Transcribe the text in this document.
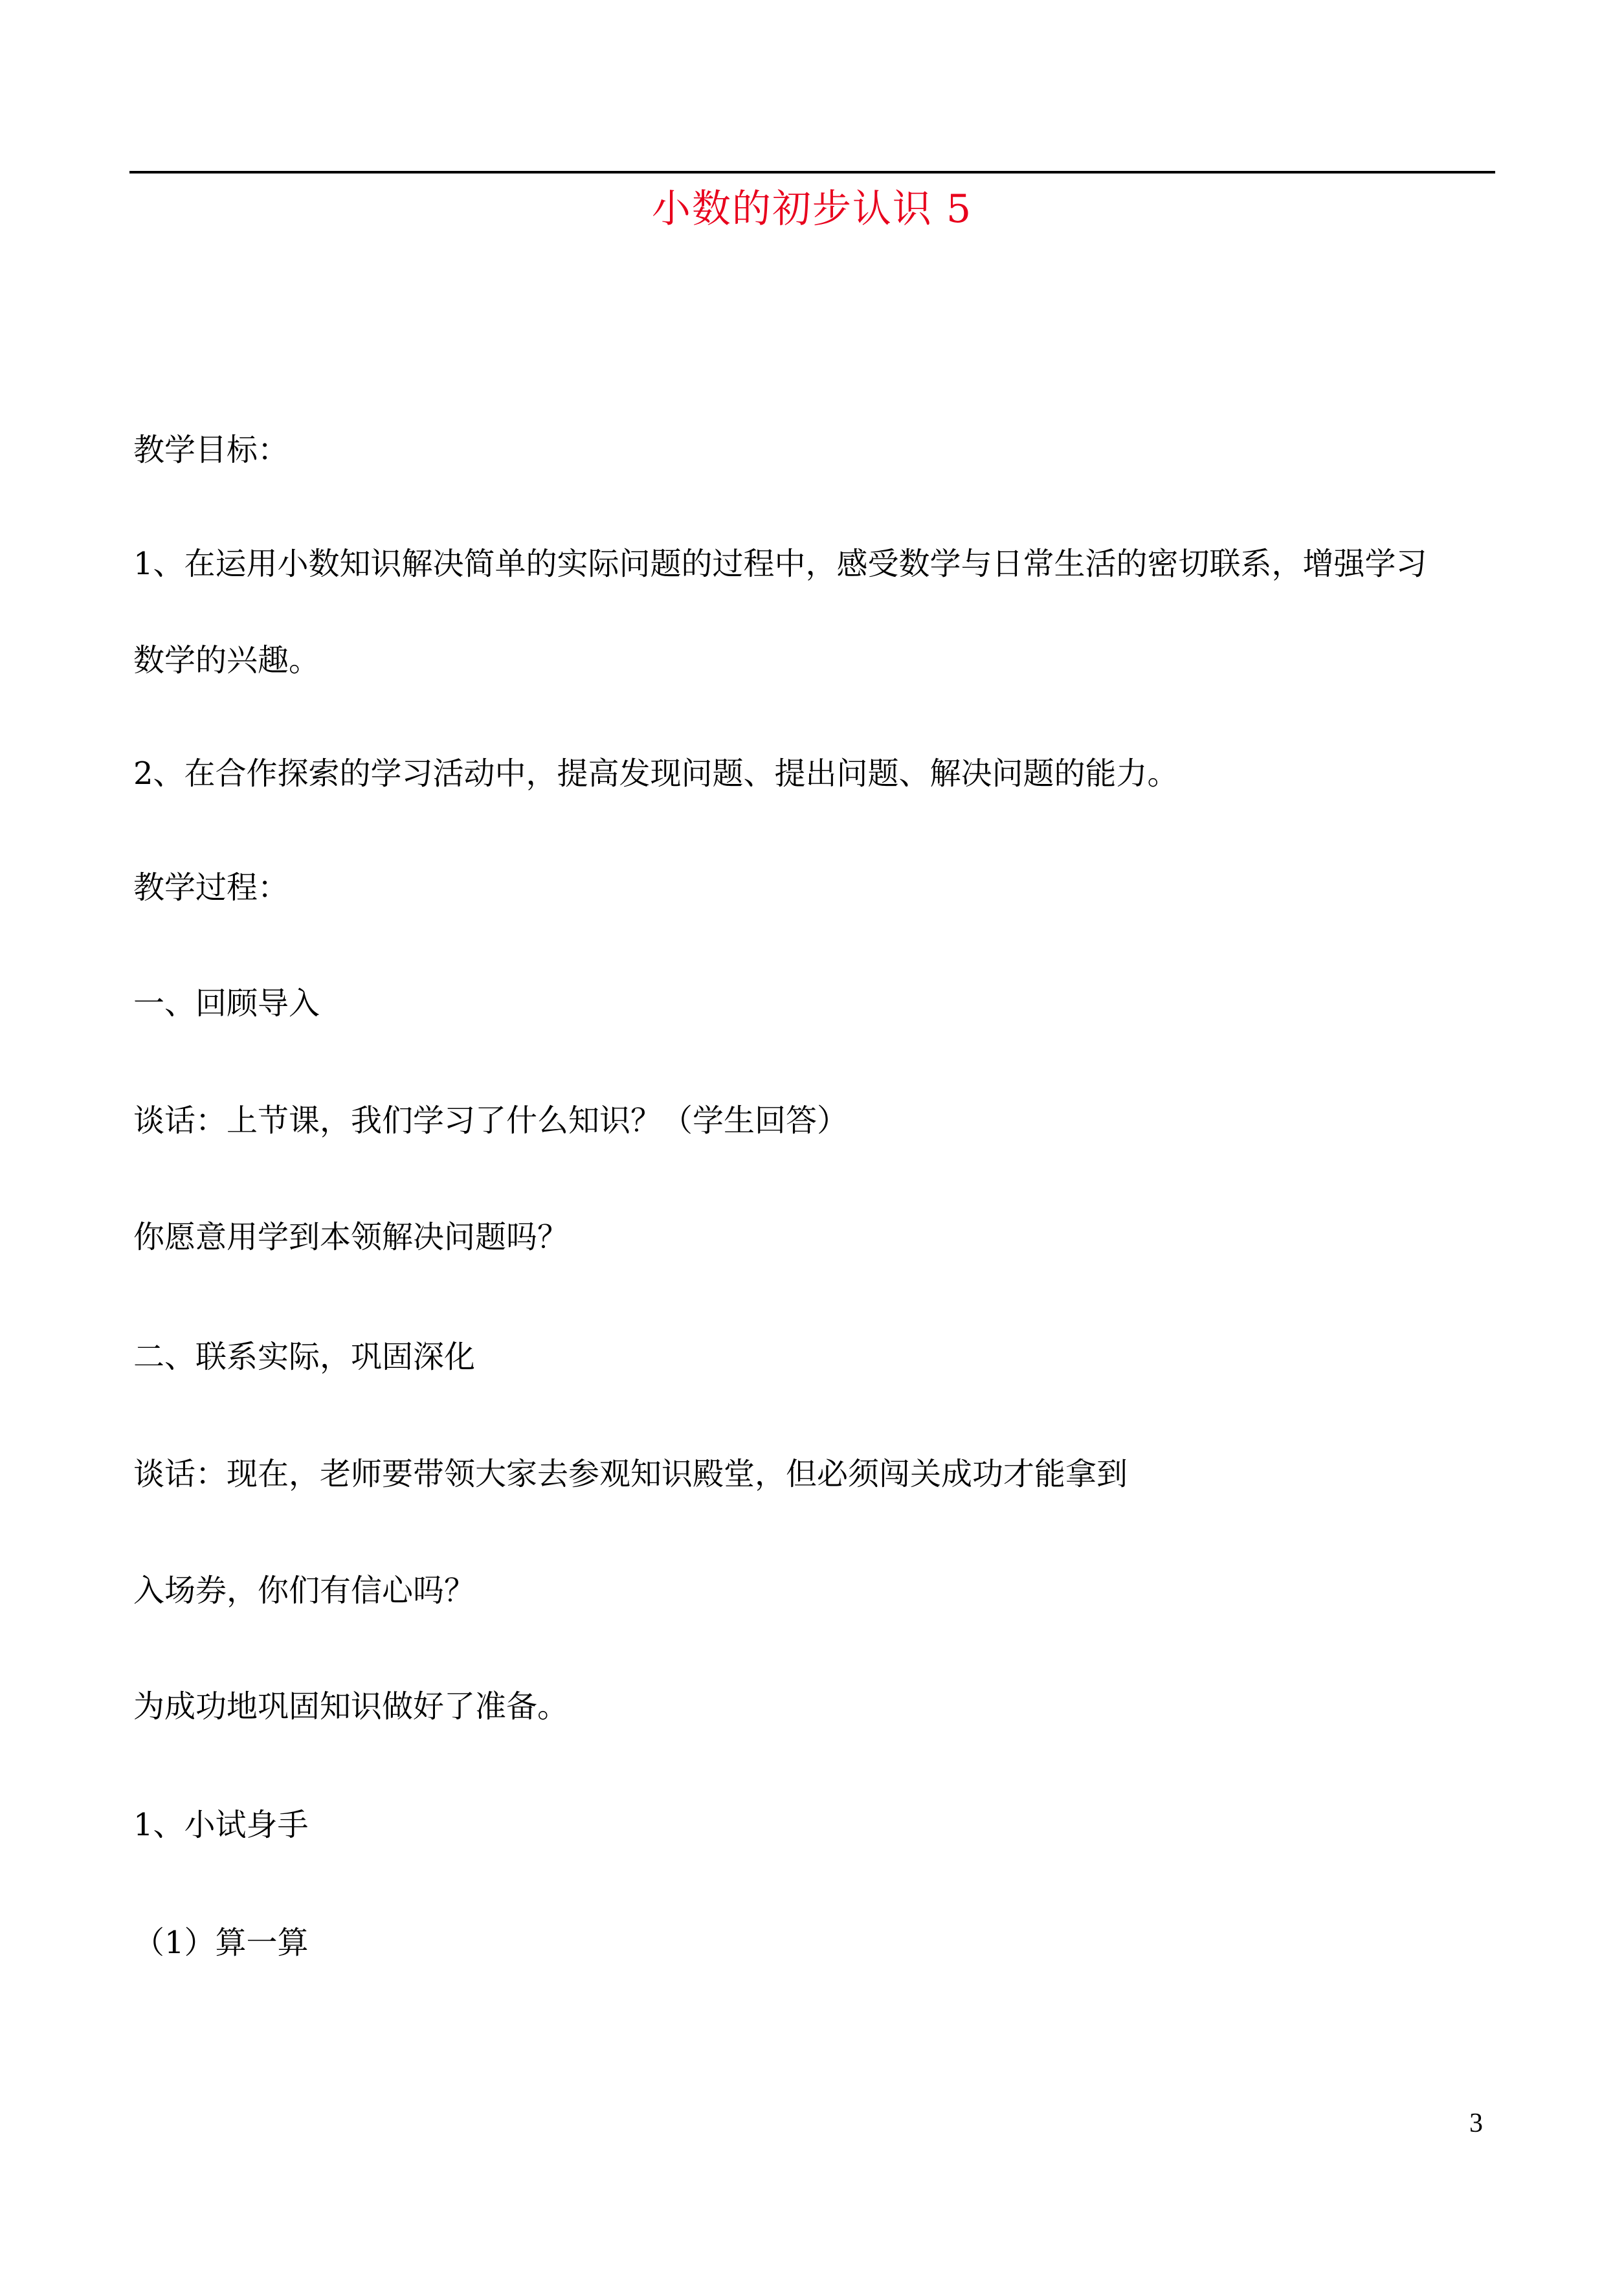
小数的初步认识 5
教学目标：
1、在运用小数知识解决简单的实际问题的过程中，感受数学与日常生活的密切联系，增强学习
数学的兴趣。
2、在合作探索的学习活动中，提高发现问题、提出问题、解决问题的能力。
教学过程：
一、回顾导入
谈话：上节课，我们学习了什么知识？（学生回答）
你愿意用学到本领解决问题吗？
二、联系实际，巩固深化
谈话：现在，老师要带领大家去参观知识殿堂，但必须闯关成功才能拿到
入场券，你们有信心吗？
为成功地巩固知识做好了准备。
1、小试身手
（1）算一算
3
